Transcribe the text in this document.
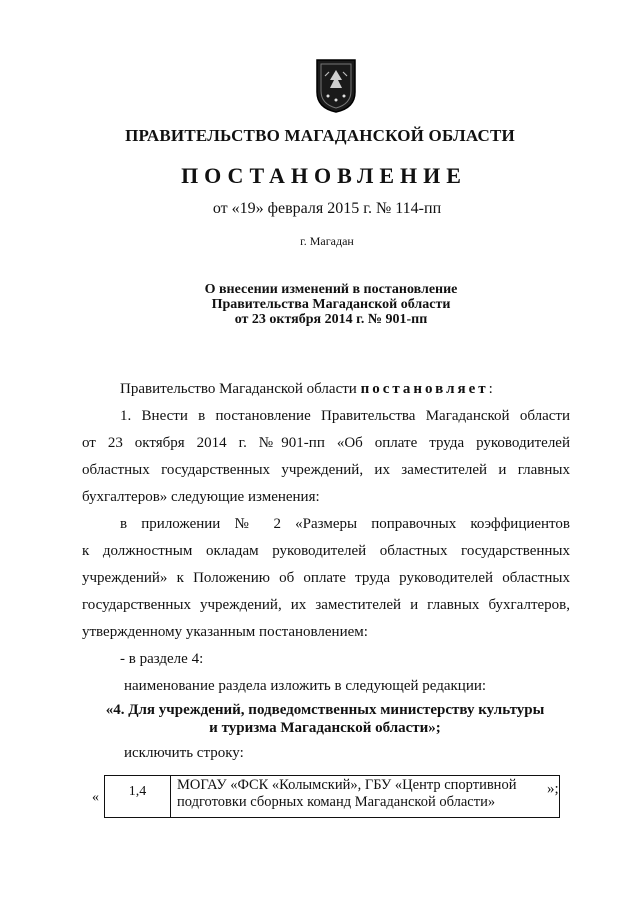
ПРАВИТЕЛЬСТВО МАГАДАНСКОЙ ОБЛАСТИ
ПОСТАНОВЛЕНИЕ
от «19» февраля 2015 г. № 114-пп
г. Магадан
О внесении изменений в постановление
Правительства Магаданской области
от 23 октября 2014 г. № 901-пп
Правительство Магаданской области постановляет:
1. Внести в постановление Правительства Магаданской области
от 23 октября 2014 г. №901-пп «Об оплате труда руководителей
областных государственных учреждений, их заместителей и главных
бухгалтеров» следующие изменения:
в приложении № 2 «Размеры поправочных коэффициентов
к должностным окладам руководителей областных государственных
учреждений» к Положению об оплате труда руководителей областных
государственных учреждений, их заместителей и главных бухгалтеров,
утвержденному указанным постановлением:
- в разделе 4:
наименование раздела изложить в следующей редакции:
исключить строку:
«4. Для учреждений, подведомственных министерству культуры
и туризма Магаданской области»;
« 1,4	МОГАУ «ФСК «Колымский», ГБУ «Центр спортивной подготовки сборных команд Магаданской области»
»;
